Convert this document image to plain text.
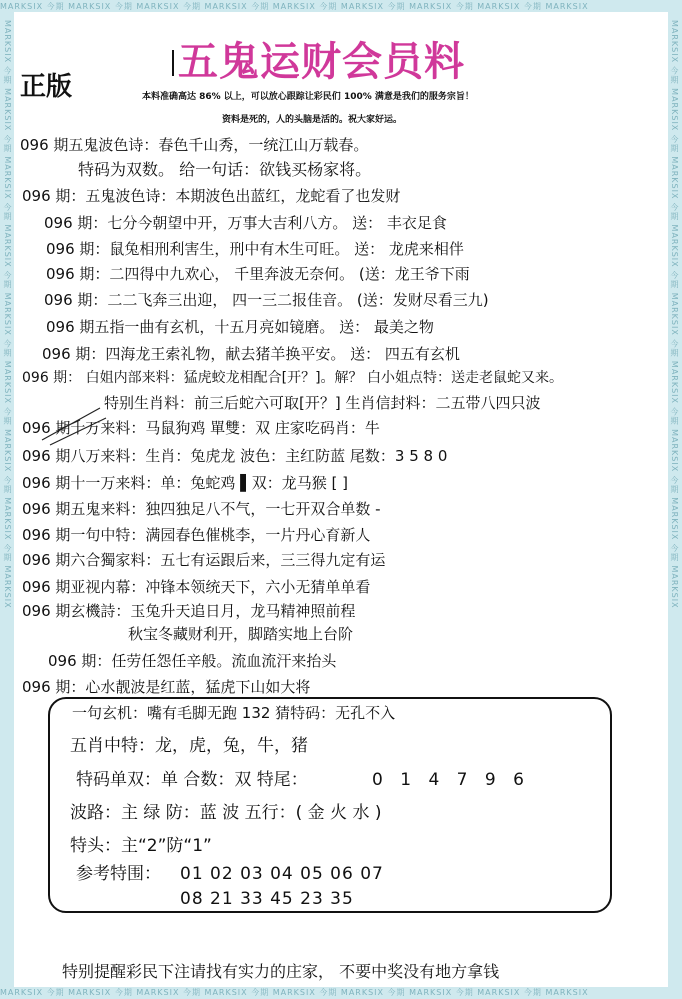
MARKSIX 今期 MARKSIX 今期 MARKSIX 今期 MARKSIX 今期 MARKSIX 今期 MARKSIX 今期 MARKSIX 今期 MARKSIX 今期 MARKSIX
MARKSIX 今期 MARKSIX 今期 MARKSIX 今期 MARKSIX 今期 MARKSIX 今期 MARKSIX 今期 MARKSIX 今期 MARKSIX 今期 MARKSIX
MARKSIX 今期 MARKSIX 今期 MARKSIX 今期 MARKSIX 今期 MARKSIX 今期 MARKSIX 今期 MARKSIX 今期 MARKSIX 今期 MARKSIX	MARKSIX 今期 MARKSIX 今期 MARKSIX 今期 MARKSIX 今期 MARKSIX 今期 MARKSIX 今期 MARKSIX 今期 MARKSIX 今期 MARKSIX
五鬼运财会员料
正版	本料准确高达 86% 以上，可以放心跟踪让彩民们 100% 满意是我们的服务宗旨！
资料是死的，人的头脑是活的。祝大家好运。
096 期五鬼波色诗：春色千山秀，一统江山万载春。
特码为双数。 给一句话：欲钱买杨家将。
096 期：五鬼波色诗：本期波色出蓝红，龙蛇看了也发财
096 期：七分今朝望中开，万事大吉利八方。 送： 丰衣足食
096 期：鼠兔相刑利害生，刑中有木生可旺。 送： 龙虎来相伴
096 期：二四得中九欢心， 千里奔波无奈何。 (送：龙王爷下雨
096 期：二二飞奔三出迎， 四一三二报佳音。 (送：发财尽看三九)
096 期五指一曲有玄机，十五月亮如镜磨。 送： 最美之物
096 期：四海龙王索礼物，献去猪羊换平安。 送： 四五有玄机
096 期： 白姐内部来料：猛虎蛟龙相配合[开？]。解？ 白小姐点特：送走老鼠蛇又来。
特别生肖料：前三后蛇六可取[开？] 生肖信封料：二五带八四只波
096 期十万来料：马鼠狗鸡 單雙：双 庄家吃码肖：牛
096 期八万来料：生肖：兔虎龙 波色：主红防蓝 尾数：3 5 8 0
096 期十一万来料：单：兔蛇鸡 ▌双：龙马猴 [ ]
096 期五鬼来料：独四独足八不气，一七开双合单数 -
096 期一句中特：满园春色催桃李，一片丹心育新人
096 期六合獨家料：五七有运跟后来，三三得九定有运
096 期亚视内幕：冲锋本领统天下，六小无猜单单看
096 期玄機詩：玉兔升天追日月，龙马精神照前程
秋宝冬藏财利开，脚踏实地上台阶
096 期：任劳任怨任辛般。流血流汗来抬头
096 期：心水靓波是红蓝，猛虎下山如大将
一句玄机：嘴有毛脚无跑 132 猜特码：无孔不入
五肖中特：龙，虎，兔，牛，猪
特码单双：单 合数：双 特尾：	0 1 4 7 9 6
波路：主 绿 防：蓝 波 五行：( 金 火 水 )
特头：主“2”防“1”
参考特围： 01 02 03 04 05 06 07
08 21 33 45 23 35
特别提醒彩民下注请找有实力的庄家， 不要中奖没有地方拿钱
